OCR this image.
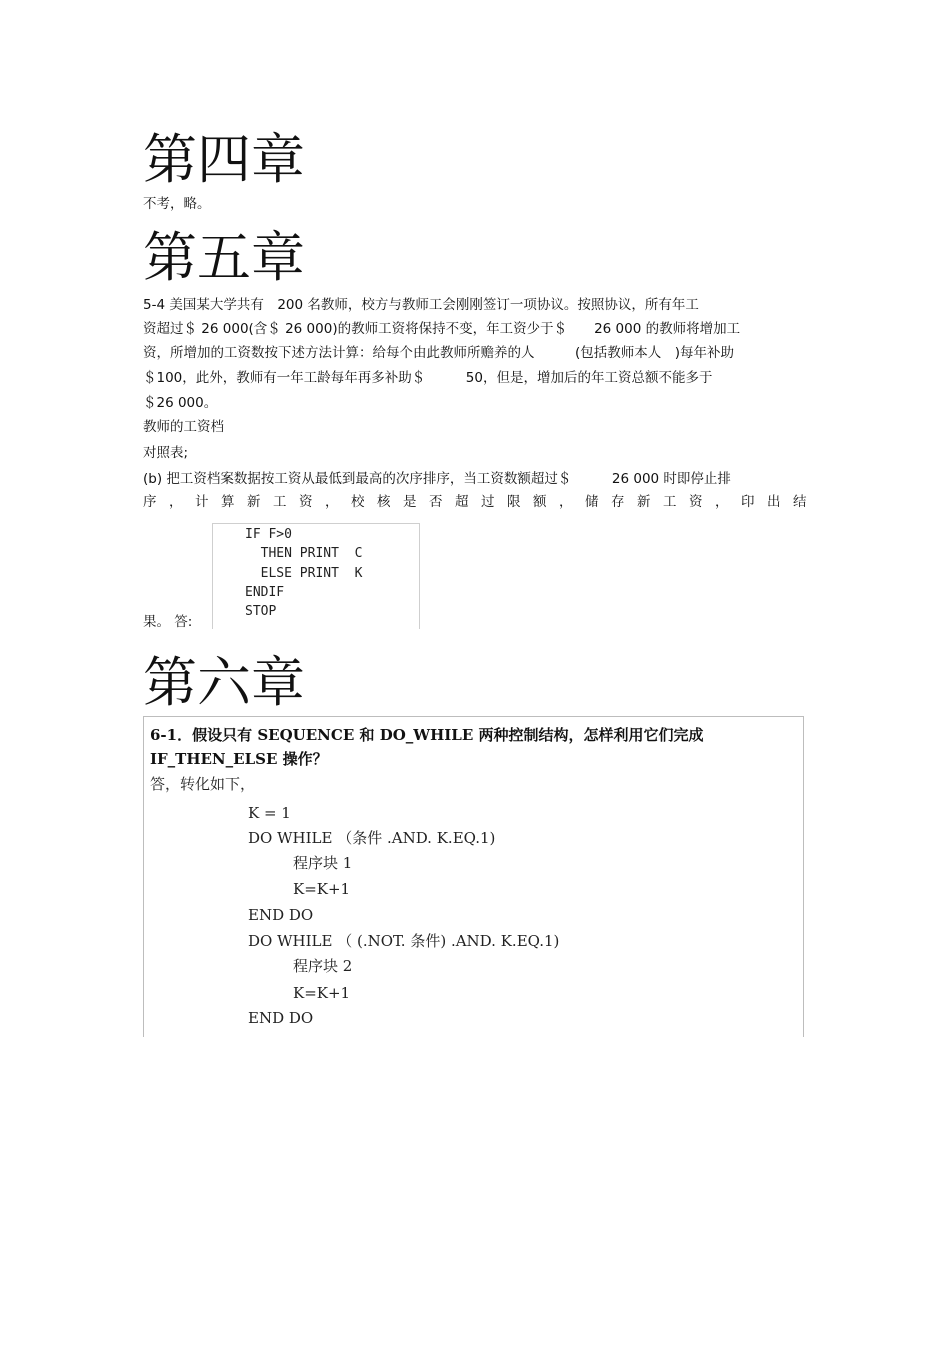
第四章
不考，略。
第五章
5-4 美国某大学共有　200 名教师，校方与教师工会刚刚签订一项协议。按照协议，所有年工
资超过＄ 26 000(含＄ 26 000)的教师工资将保持不变，年工资少于＄　　26 000 的教师将增加工
资，所增加的工资数按下述方法计算：给每个由此教师所赡养的人　　　(包括教师本人　)每年补助
＄100，此外，教师有一年工龄每年再多补助＄　　　50，但是，增加后的年工资总额不能多于
＄26 000。
教师的工资档
对照表;
(b) 把工资档案数据按工资从最低到最高的次序排序，当工资数额超过＄　　　26 000 时即停止排
序，计算新工资，校核是否超过限额，储存新工资，印出结
果。 答:
IF F>0
THEN PRINT  C
ELSE PRINT  K
ENDIF
STOP
第六章
6-1．假设只有 SEQUENCE 和 DO_WHILE 两种控制结构，怎样利用它们完成
IF_THEN_ELSE 操作？
答，转化如下，
K = 1
DO WHILE （条件 .AND. K.EQ.1)
程序块 1
K=K+1
END DO
DO WHILE （ (.NOT. 条件) .AND. K.EQ.1)
程序块 2
K=K+1
END DO
